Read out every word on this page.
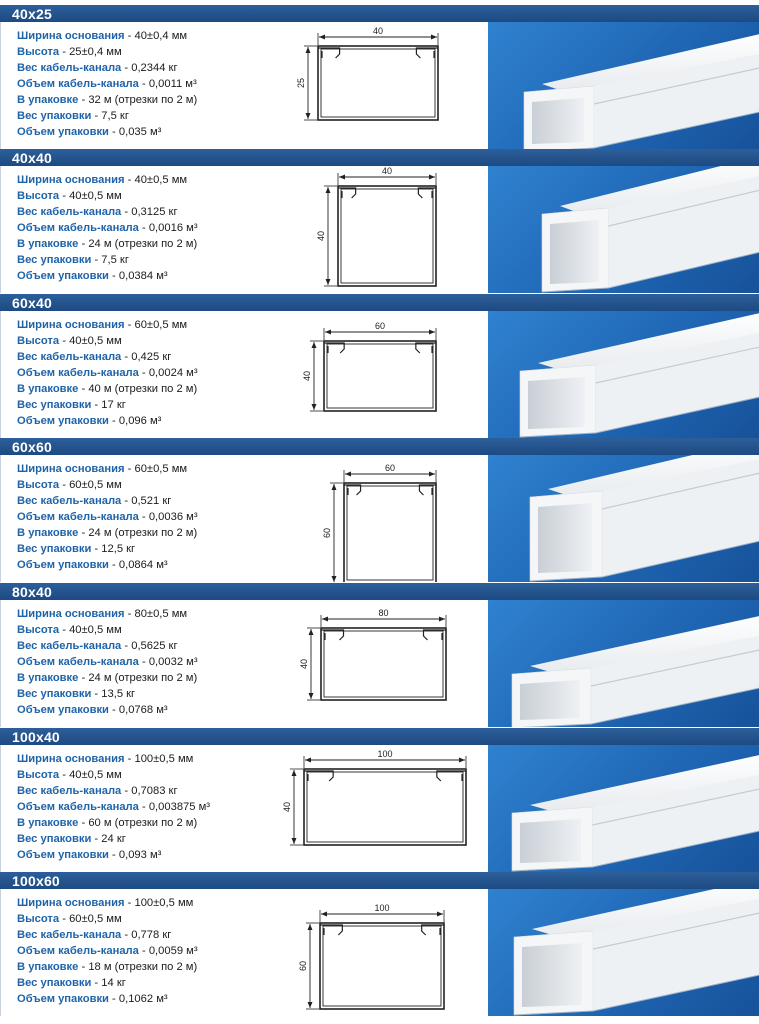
40x25
Ширина основания - 40±0,4 мм
Высота - 25±0,4 мм
Вес кабель-канала - 0,2344 кг
Объем кабель-канала - 0,0011 м³
В упаковке - 32 м (отрезки по 2 м)
Вес упаковки - 7,5 кг
Объем упаковки - 0,035 м³
40
25
40x40
Ширина основания - 40±0,5 мм
Высота - 40±0,5 мм
Вес кабель-канала - 0,3125 кг
Объем кабель-канала - 0,0016 м³
В упаковке - 24 м (отрезки по 2 м)
Вес упаковки - 7,5 кг
Объем упаковки - 0,0384 м³
40
40
60x40
Ширина основания - 60±0,5 мм
Высота - 40±0,5 мм
Вес кабель-канала - 0,425 кг
Объем кабель-канала - 0,0024 м³
В упаковке - 40 м (отрезки по 2 м)
Вес упаковки - 17 кг
Объем упаковки - 0,096 м³
60
40
60x60
Ширина основания - 60±0,5 мм
Высота - 60±0,5 мм
Вес кабель-канала - 0,521 кг
Объем кабель-канала - 0,0036 м³
В упаковке - 24 м (отрезки по 2 м)
Вес упаковки - 12,5 кг
Объем упаковки - 0,0864 м³
60
60
80x40
Ширина основания - 80±0,5 мм
Высота - 40±0,5 мм
Вес кабель-канала - 0,5625 кг
Объем кабель-канала - 0,0032 м³
В упаковке - 24 м (отрезки по 2 м)
Вес упаковки - 13,5 кг
Объем упаковки - 0,0768 м³
80
40
100x40
Ширина основания - 100±0,5 мм
Высота - 40±0,5 мм
Вес кабель-канала - 0,7083 кг
Объем кабель-канала - 0,003875 м³
В упаковке - 60 м (отрезки по 2 м)
Вес упаковки - 24 кг
Объем упаковки - 0,093 м³
100
40
100x60
Ширина основания - 100±0,5 мм
Высота - 60±0,5 мм
Вес кабель-канала - 0,778 кг
Объем кабель-канала - 0,0059 м³
В упаковке - 18 м (отрезки по 2 м)
Вес упаковки - 14 кг
Объем упаковки - 0,1062 м³
100
60
